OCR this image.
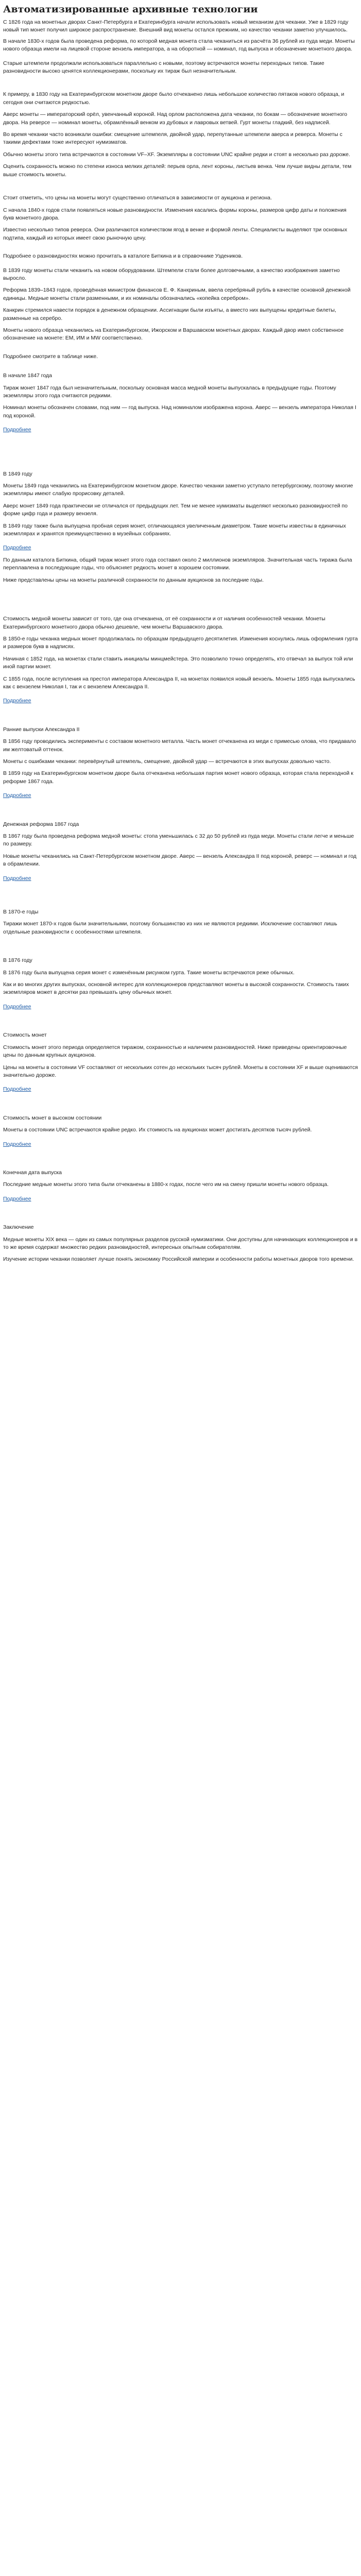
Автоматизированные архивные технологии

С 1826 года на монетных дворах Санкт-Петербурга и Екатеринбурга начали использовать новый механизм для чеканки. Уже в 1829 году новый тип монет получил широкое распространение. Внешний вид монеты остался прежним, но качество чеканки заметно улучшилось.

В начале 1830-х годов была проведена реформа, по которой медная монета стала чеканиться из расчёта 36 рублей из пуда меди. Монеты нового образца имели на лицевой стороне вензель императора, а на оборотной — номинал, год выпуска и обозначение монетного двора.

Старые штемпели продолжали использоваться параллельно с новыми, поэтому встречаются монеты переходных типов. Такие разновидности высоко ценятся коллекционерами, поскольку их тираж был незначительным.

К примеру, в 1830 году на Екатеринбургском монетном дворе было отчеканено лишь небольшое количество пятаков нового образца, и сегодня они считаются редкостью.

Аверс монеты — императорский орёл, увенчанный короной. Над орлом расположена дата чеканки, по бокам — обозначение монетного двора. На реверсе — номинал монеты, обрамлённый венком из дубовых и лавровых ветвей. Гурт монеты гладкий, без надписей.

Во время чеканки часто возникали ошибки: смещение штемпеля, двойной удар, перепутанные штемпели аверса и реверса. Монеты с такими дефектами тоже интересуют нумизматов.

Обычно монеты этого типа встречаются в состоянии VF–XF. Экземпляры в состоянии UNC крайне редки и стоят в несколько раз дороже.

Оценить сохранность можно по степени износа мелких деталей: перьев орла, лент короны, листьев венка. Чем лучше видны детали, тем выше стоимость монеты.

Стоит отметить, что цены на монеты могут существенно отличаться в зависимости от аукциона и региона.

С начала 1840-х годов стали появляться новые разновидности. Изменения касались формы короны, размеров цифр даты и положения букв монетного двора.

Известно несколько типов реверса. Они различаются количеством ягод в венке и формой ленты. Специалисты выделяют три основных подтипа, каждый из которых имеет свою рыночную цену.

Подробнее о разновидностях можно прочитать в каталоге Биткина и в справочнике Уздеников.

В 1839 году монеты стали чеканить на новом оборудовании. Штемпели стали более долговечными, а качество изображения заметно выросло.

Реформа 1839–1843 годов, проведённая министром финансов Е. Ф. Канкриным, ввела серебряный рубль в качестве основной денежной единицы. Медные монеты стали разменными, и их номиналы обозначались «копейка серебром».

Канкрин стремился навести порядок в денежном обращении. Ассигнации были изъяты, а вместо них выпущены кредитные билеты, разменные на серебро.

Монеты нового образца чеканились на Екатеринбургском, Ижорском и Варшавском монетных дворах. Каждый двор имел собственное обозначение на монете: ЕМ, ИМ и МW соответственно.

Подробнее смотрите в таблице ниже.

В начале 1847 года

Тираж монет 1847 года был незначительным, поскольку основная масса медной монеты выпускалась в предыдущие годы. Поэтому экземпляры этого года считаются редкими.

Номинал монеты обозначен словами, под ним — год выпуска. Над номиналом изображена корона. Аверс — вензель императора Николая I под короной.

Подробнее

В 1849 году

Монеты 1849 года чеканились на Екатеринбургском монетном дворе. Качество чеканки заметно уступало петербургскому, поэтому многие экземпляры имеют слабую прорисовку деталей.

Аверс монет 1849 года практически не отличался от предыдущих лет. Тем не менее нумизматы выделяют несколько разновидностей по форме цифр года и размеру вензеля.

В 1849 году также была выпущена пробная серия монет, отличающаяся увеличенным диаметром. Такие монеты известны в единичных экземплярах и хранятся преимущественно в музейных собраниях.

Подробнее

По данным каталога Биткина, общий тираж монет этого года составил около 2 миллионов экземпляров. Значительная часть тиража была переплавлена в последующие годы, что объясняет редкость монет в хорошем состоянии.

Ниже представлены цены на монеты различной сохранности по данным аукционов за последние годы.

Стоимость медной монеты зависит от того, где она отчеканена, от её сохранности и от наличия особенностей чеканки. Монеты Екатеринбургского монетного двора обычно дешевле, чем монеты Варшавского двора.

В 1850-е годы чеканка медных монет продолжалась по образцам предыдущего десятилетия. Изменения коснулись лишь оформления гурта и размеров букв в надписях.

Начиная с 1852 года, на монетах стали ставить инициалы минцмейстера. Это позволило точно определять, кто отвечал за выпуск той или иной партии монет.

С 1855 года, после вступления на престол императора Александра II, на монетах появился новый вензель. Монеты 1855 года выпускались как с вензелем Николая I, так и с вензелем Александра II.

Подробнее

Ранние выпуски Александра II

В 1856 году проводились эксперименты с составом монетного металла. Часть монет отчеканена из меди с примесью олова, что придавало им желтоватый оттенок.

Монеты с ошибками чеканки: перевёрнутый штемпель, смещение, двойной удар — встречаются в этих выпусках довольно часто.

В 1859 году на Екатеринбургском монетном дворе была отчеканена небольшая партия монет нового образца, которая стала переходной к реформе 1867 года.

Подробнее

Денежная реформа 1867 года

В 1867 году была проведена реформа медной монеты: стопа уменьшилась с 32 до 50 рублей из пуда меди. Монеты стали легче и меньше по размеру.

Новые монеты чеканились на Санкт-Петербургском монетном дворе. Аверс — вензель Александра II под короной, реверс — номинал и год в обрамлении.

Подробнее

В 1870-е годы

Тиражи монет 1870-х годов были значительными, поэтому большинство из них не являются редкими. Исключение составляют лишь отдельные разновидности с особенностями штемпеля.

В 1876 году

В 1876 году была выпущена серия монет с изменённым рисунком гурта. Такие монеты встречаются реже обычных.

Как и во многих других выпусках, основной интерес для коллекционеров представляют монеты в высокой сохранности. Стоимость таких экземпляров может в десятки раз превышать цену обычных монет.

Подробнее

Стоимость монет

Стоимость монет этого периода определяется тиражом, сохранностью и наличием разновидностей. Ниже приведены ориентировочные цены по данным крупных аукционов.

Цены на монеты в состоянии VF составляют от нескольких сотен до нескольких тысяч рублей. Монеты в состоянии XF и выше оцениваются значительно дороже.

Подробнее

Стоимость монет в высоком состоянии

Монеты в состоянии UNC встречаются крайне редко. Их стоимость на аукционах может достигать десятков тысяч рублей.

Подробнее

Конечная дата выпуска

Последние медные монеты этого типа были отчеканены в 1880-х годах, после чего им на смену пришли монеты нового образца.

Подробнее

Заключение

Медные монеты XIX века — один из самых популярных разделов русской нумизматики. Они доступны для начинающих коллекционеров и в то же время содержат множество редких разновидностей, интересных опытным собирателям.

Изучение истории чеканки позволяет лучше понять экономику Российской империи и особенности работы монетных дворов того времени.
